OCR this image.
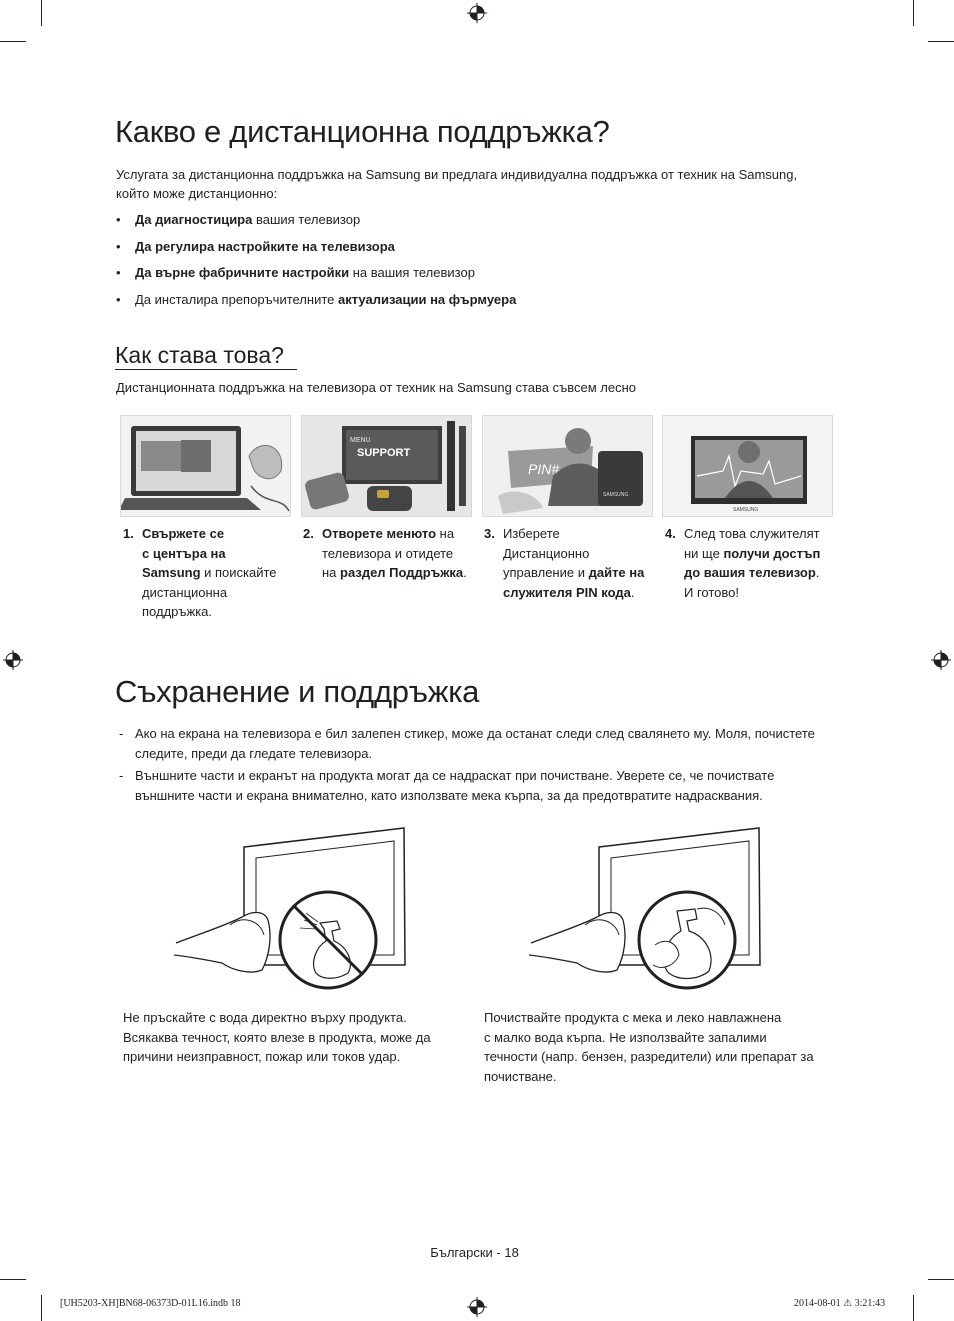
Какво е дистанционна поддръжка?
Услугата за дистанционна поддръжка на Samsung ви предлага индивидуална поддръжка от техник на Samsung, който може дистанционно:
• Да диагностицира вашия телевизор
• Да регулира настройките на телевизора
• Да върне фабричните настройки на вашия телевизор
• Да инсталира препоръчителните актуализации на фърмуера
Как става това?
Дистанционната поддръжка на телевизора от техник на Samsung става съвсем лесно
MENU
SUPPORT
PIN#
SAMSUNG
SAMSUNG
1. Свържете се
с центъра на
Samsung и поискайте
дистанционна
поддръжка.
2. Отворете менюто на
телевизора и отидете
на раздел Поддръжка.
3. Изберете
Дистанционно
управление и дайте на
служителя PIN кода.
4. След това служителят
ни ще получи достъп
до вашия телевизор.
И готово!
Съхранение и поддръжка
- Ако на екрана на телевизора е бил залепен стикер, може да останат следи след свалянето му. Моля, почистете следите, преди да гледате телевизора.
- Външните части и екранът на продукта могат да се надраскат при почистване. Уверете се, че почиствате външните части и екрана внимателно, като използвате мека кърпа, за да предотвратите надрасквания.
Не пръскайте с вода директно върху продукта.
Всякаква течност, която влезе в продукта, може да
причини неизправност, пожар или токов удар.
Почиствайте продукта с мека и леко навлажнена
с малко вода кърпа. Не използвайте запалими
течности (напр. бензен, разредители) или препарат за
почистване.
Български - 18
[UH5203-XH]BN68-06373D-01L16.indb 18	2014-08-01 ⚠ 3:21:43
